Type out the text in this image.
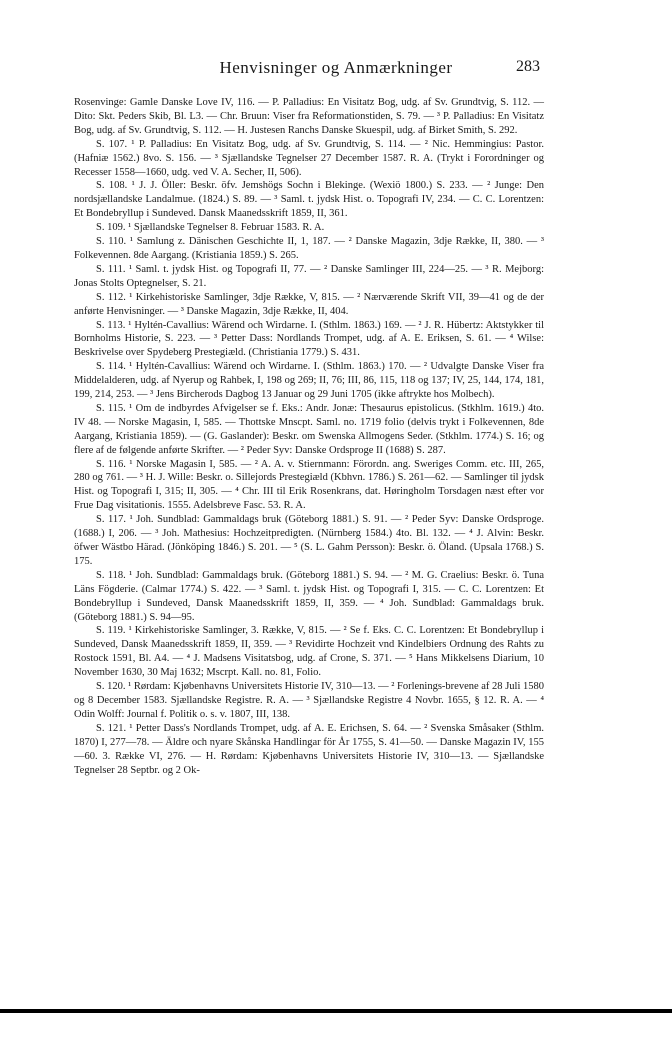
Henvisninger og Anmærkninger	283

Rosenvinge: Gamle Danske Love IV, 116. — P. Palladius: En Visitatz Bog, udg. af Sv. Grundtvig, S. 112. — Dito: Skt. Peders Skib, Bl. L3. — Chr. Bruun: Viser fra Reformationstiden, S. 79. — ³ P. Palladius: En Visitatz Bog, udg. af Sv. Grundtvig, S. 112. — H. Justesen Ranchs Danske Skuespil, udg. af Birket Smith, S. 292.

S. 107. ¹ P. Palladius: En Visitatz Bog, udg. af Sv. Grundtvig, S. 114. — ² Nic. Hemmingius: Pastor. (Hafniæ 1562.) 8vo. S. 156. — ³ Sjællandske Tegnelser 27 December 1587. R. A. (Trykt i Forordninger og Recesser 1558—1660, udg. ved V. A. Secher, II, 506).

S. 108. ¹ J. J. Öller: Beskr. öfv. Jemshögs Sochn i Blekinge. (Wexiö 1800.) S. 233. — ² Junge: Den nordsjællandske Landalmue. (1824.) S. 89. — ³ Saml. t. jydsk Hist. o. Topografi IV, 234. — C. C. Lorentzen: Et Bondebryllup i Sundeved. Dansk Maanedsskrift 1859, II, 361.

S. 109. ¹ Sjællandske Tegnelser 8. Februar 1583. R. A.

S. 110. ¹ Samlung z. Dänischen Geschichte II, 1, 187. — ² Danske Magazin, 3dje Række, II, 380. — ³ Folkevennen. 8de Aargang. (Kristiania 1859.) S. 265.

S. 111. ¹ Saml. t. jydsk Hist. og Topografi II, 77. — ² Danske Samlinger III, 224—25. — ³ R. Mejborg: Jonas Stolts Optegnelser, S. 21.

S. 112. ¹ Kirkehistoriske Samlinger, 3dje Række, V, 815. — ² Nærværende Skrift VII, 39—41 og de der anførte Henvisninger. — ³ Danske Magazin, 3dje Række, II, 404.

S. 113. ¹ Hyltén-Cavallius: Wärend och Wirdarne. I. (Sthlm. 1863.) 169. — ² J. R. Hübertz: Aktstykker til Bornholms Historie, S. 223. — ³ Petter Dass: Nordlands Trompet, udg. af A. E. Eriksen, S. 61. — ⁴ Wilse: Beskrivelse over Spydeberg Prestegiæld. (Christiania 1779.) S. 431.

S. 114. ¹ Hyltén-Cavallius: Wärend och Wirdarne. I. (Sthlm. 1863.) 170. — ² Udvalgte Danske Viser fra Middelalderen, udg. af Nyerup og Rahbek, I, 198 og 269; II, 76; III, 86, 115, 118 og 137; IV, 25, 144, 174, 181, 199, 214, 253. — ³ Jens Bircherods Dagbog 13 Januar og 29 Juni 1705 (ikke aftrykte hos Molbech).

S. 115. ¹ Om de indbyrdes Afvigelser se f. Eks.: Andr. Jonæ: Thesaurus epistolicus. (Stkhlm. 1619.) 4to. IV 48. — Norske Magasin, I, 585. — Thottske Mnscpt. Saml. no. 1719 folio (delvis trykt i Folkevennen, 8de Aargang, Kristiania 1859). — (G. Gaslander): Beskr. om Swenska Allmogens Seder. (Stkhlm. 1774.) S. 16; og flere af de følgende anførte Skrifter. — ² Peder Syv: Danske Ordsproge II (1688) S. 287.

S. 116. ¹ Norske Magasin I, 585. — ² A. A. v. Stiernmann: Förordn. ang. Sweriges Comm. etc. III, 265, 280 og 761. — ³ H. J. Wille: Beskr. o. Sillejords Prestegiæld (Kbhvn. 1786.) S. 261—62. — Samlinger til jydsk Hist. og Topografi I, 315; II, 305. — ⁴ Chr. III til Erik Rosenkrans, dat. Høringholm Torsdagen næst efter vor Frue Dag visitationis. 1555. Adelsbreve Fasc. 53. R. A.

S. 117. ¹ Joh. Sundblad: Gammaldags bruk (Göteborg 1881.) S. 91. — ² Peder Syv: Danske Ordsproge. (1688.) I, 206. — ³ Joh. Mathesius: Hochzeitpredigten. (Nürnberg 1584.) 4to. Bl. 132. — ⁴ J. Alvin: Beskr. öfwer Wästbo Härad. (Jönköping 1846.) S. 201. — ⁵ (S. L. Gahm Persson): Beskr. ö. Öland. (Upsala 1768.) S. 175.

S. 118. ¹ Joh. Sundblad: Gammaldags bruk. (Göteborg 1881.) S. 94. — ² M. G. Craelius: Beskr. ö. Tuna Läns Fögderie. (Calmar 1774.) S. 422. — ³ Saml. t. jydsk Hist. og Topografi I, 315. — C. C. Lorentzen: Et Bondebryllup i Sundeved, Dansk Maanedsskrift 1859, II, 359. — ⁴ Joh. Sundblad: Gammaldags bruk. (Göteborg 1881.) S. 94—95.

S. 119. ¹ Kirkehistoriske Samlinger, 3. Række, V, 815. — ² Se f. Eks. C. C. Lorentzen: Et Bondebryllup i Sundeved, Dansk Maanedsskrift 1859, II, 359. — ³ Revidirte Hochzeit vnd Kindelbiers Ordnung des Rahts zu Rostock 1591, Bl. A4. — ⁴ J. Madsens Visitatsbog, udg. af Crone, S. 371. — ⁵ Hans Mikkelsens Diarium, 10 November 1630, 30 Maj 1632; Mscrpt. Kall. no. 81, Folio.

S. 120. ¹ Rørdam: Kjøbenhavns Universitets Historie IV, 310—13. — ² Forlenings-brevene af 28 Juli 1580 og 8 December 1583. Sjællandske Registre. R. A. — ³ Sjællandske Registre 4 Novbr. 1655, § 12. R. A. — ⁴ Odin Wolff: Journal f. Politik o. s. v. 1807, III, 138.

S. 121. ¹ Petter Dass's Nordlands Trompet, udg. af A. E. Erichsen, S. 64. — ² Svenska Småsaker (Sthlm. 1870) I, 277—78. — Äldre och nyare Skånska Handlingar för År 1755, S. 41—50. — Danske Magazin IV, 155—60. 3. Række VI, 276. — H. Rørdam: Kjøbenhavns Universitets Historie IV, 310—13. — Sjællandske Tegnelser 28 Septbr. og 2 Ok-
